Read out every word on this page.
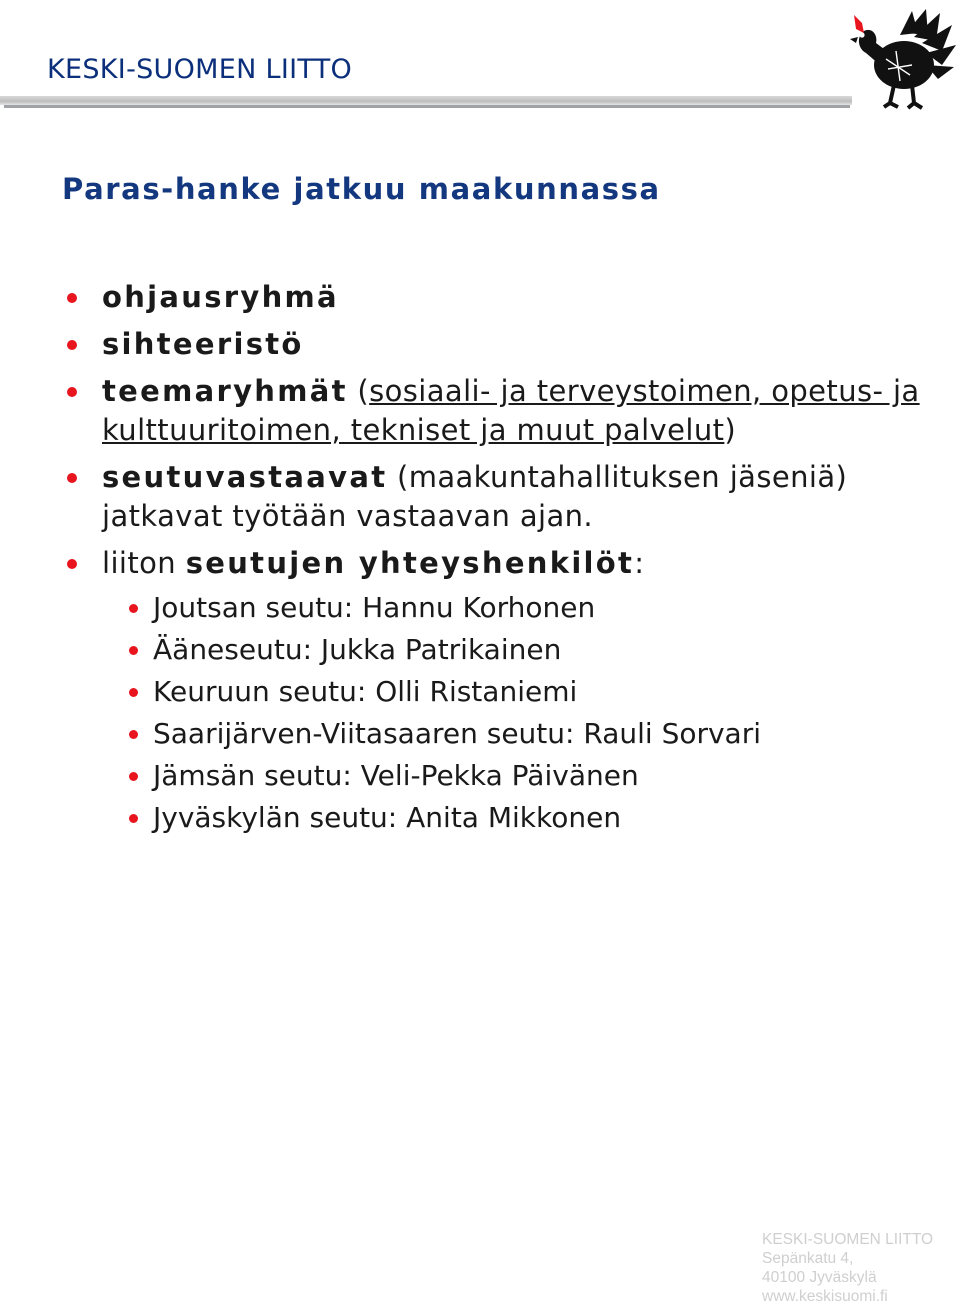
KESKI-SUOMEN LIITTO
Paras-hanke jatkuu maakunnassa
ohjausryhmä
sihteeristö
teemaryhmät (sosiaali- ja terveystoimen, opetus- ja kulttuuritoimen, tekniset ja muut palvelut)
seutuvastaavat (maakuntahallituksen jäseniä) jatkavat työtään vastaavan ajan.
liiton seutujen yhteyshenkilöt:
Joutsan seutu: Hannu Korhonen
Ääneseutu: Jukka Patrikainen
Keuruun seutu: Olli Ristaniemi
Saarijärven-Viitasaaren seutu: Rauli Sorvari
Jämsän seutu: Veli-Pekka Päivänen
Jyväskylän seutu: Anita Mikkonen
KESKI-SUOMEN LIITTO
Sepänkatu 4,
40100 Jyväskylä
www.keskisuomi.fi
